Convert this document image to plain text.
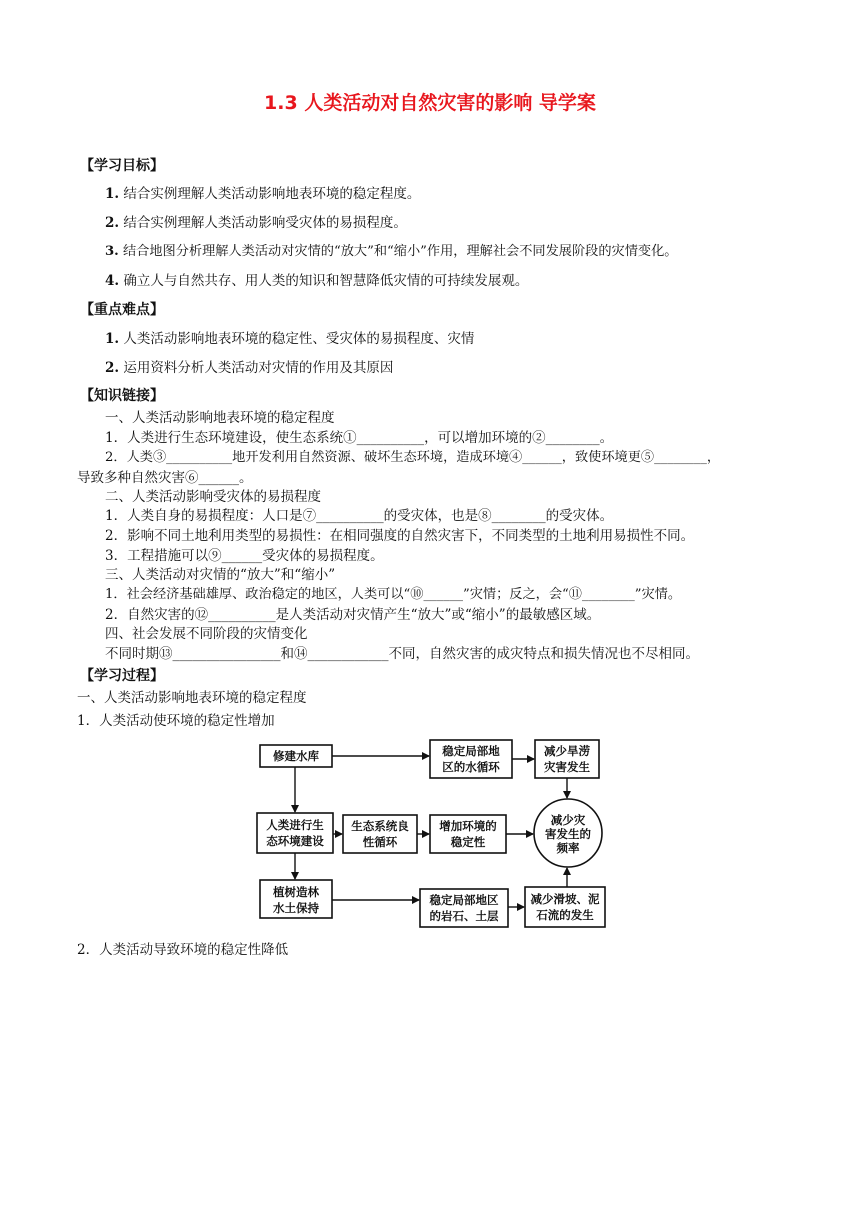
1.3 人类活动对自然灾害的影响 导学案
【学习目标】
1. 结合实例理解人类活动影响地表环境的稳定程度。
2. 结合实例理解人类活动影响受灾体的易损程度。
3. 结合地图分析理解人类活动对灾情的“放大”和“缩小”作用，理解社会不同发展阶段的灾情变化。
4. 确立人与自然共存、用人类的知识和智慧降低灾情的可持续发展观。
【重点难点】
1. 人类活动影响地表环境的稳定性、受灾体的易损程度、灾情
2. 运用资料分析人类活动对灾情的作用及其原因
【知识链接】
一、人类活动影响地表环境的稳定程度
1．人类进行生态环境建设，使生态系统①__________，可以增加环境的②________。
2．人类③__________地开发利用自然资源、破坏生态环境，造成环境④______，致使环境更⑤________，
导致多种自然灾害⑥______。
二、人类活动影响受灾体的易损程度
1．人类自身的易损程度：人口是⑦__________的受灾体，也是⑧________的受灾体。
2．影响不同土地利用类型的易损性：在相同强度的自然灾害下，不同类型的土地利用易损性不同。
3．工程措施可以⑨______受灾体的易损程度。
三、人类活动对灾情的“放大”和“缩小”
1．社会经济基础雄厚、政治稳定的地区，人类可以“⑩______”灾情；反之，会“⑪________”灾情。
2．自然灾害的⑫__________是人类活动对灾情产生“放大”或“缩小”的最敏感区域。
四、社会发展不同阶段的灾情变化
不同时期⑬________________和⑭____________不同，自然灾害的成灾特点和损失情况也不尽相同。
【学习过程】
一、人类活动影响地表环境的稳定程度
1．人类活动使环境的稳定性增加
修建水库	稳定局部地
区的水循环
减少旱涝
灾害发生
人类进行生
态环境建设
生态系统良
性循环
增加环境的
稳定性
减少灾
害发生的
频率
植树造林
水土保持
稳定局部地区
的岩石、土层
减少滑坡、泥
石流的发生
2．人类活动导致环境的稳定性降低
